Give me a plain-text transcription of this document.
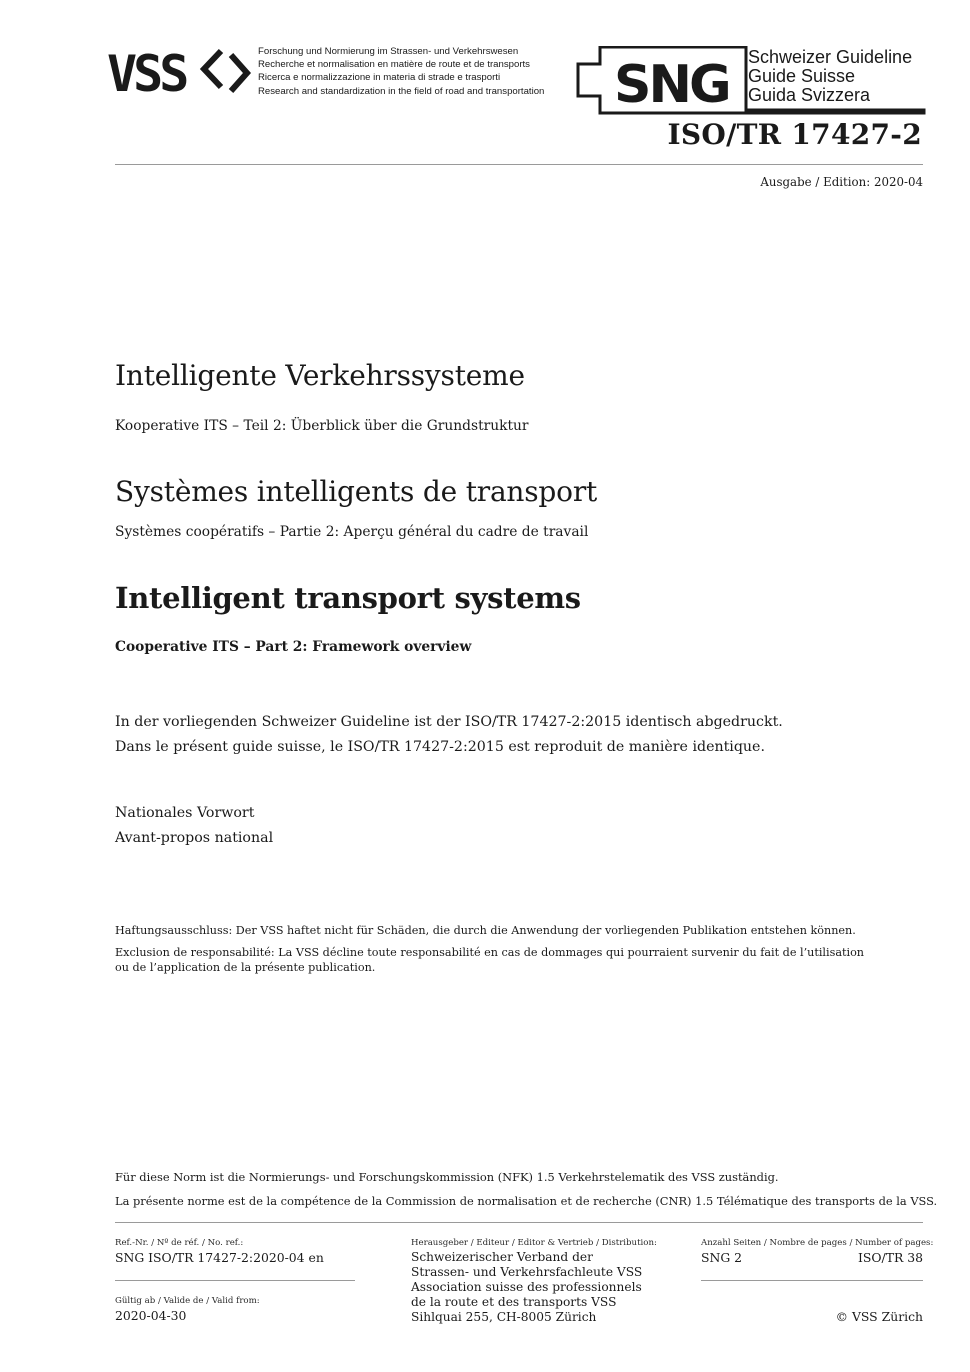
VSS	Forschung und Normierung im Strassen- und Verkehrswesen
Recherche et normalisation en matière de route et de transports
Ricerca e normalizzazione in materia di strade e trasporti
Research and standardization in the field of road and transportation SNG Schweizer Guideline
Guide Suisse
Guida Svizzera
ISO/TR 17427-2
Ausgabe / Edition: 2020-04
Intelligente Verkehrssysteme
Kooperative ITS – Teil 2: Überblick über die Grundstruktur
Systèmes intelligents de transport
Systèmes coopératifs – Partie 2: Aperçu général du cadre de travail
Intelligent transport systems
Cooperative ITS – Part 2: Framework overview
In der vorliegenden Schweizer Guideline ist der ISO/TR 17427-2:2015 identisch abgedruckt.
Dans le présent guide suisse, le ISO/TR 17427-2:2015 est reproduit de manière identique.
Nationales Vorwort
Avant-propos national
Haftungsausschluss: Der VSS haftet nicht für Schäden, die durch die Anwendung der vorliegenden Publikation entstehen können.
Exclusion de responsabilité: La VSS décline toute responsabilité en cas de dommages qui pourraient survenir du fait de l’utilisation
ou de l’application de la présente publication.
Für diese Norm ist die Normierungs- und Forschungskommission (NFK) 1.5 Verkehrstelematik des VSS zuständig.
La présente norme est de la compétence de la Commission de normalisation et de recherche (CNR) 1.5 Télématique des transports de la VSS.
Ref.-Nr. / Nº de réf. / No. ref.:
SNG ISO/TR 17427-2:2020-04 en
Gültig ab / Valide de / Valid from:
2020-04-30
Herausgeber / Editeur / Editor & Vertrieb / Distribution:
Schweizerischer Verband der
Strassen- und Verkehrsfachleute VSS
Association suisse des professionnels
de la route et des transports VSS
Sihlquai 255, CH-8005 Zürich
Anzahl Seiten / Nombre de pages / Number of pages:
SNG 2	ISO/TR 38
© VSS Zürich
